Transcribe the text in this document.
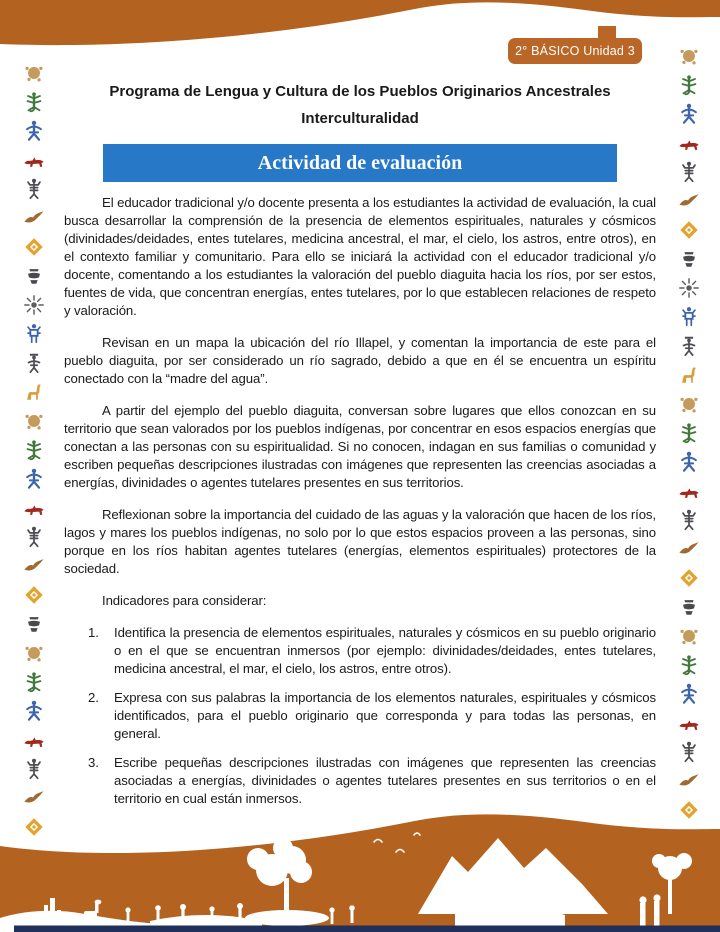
2° BÁSICO Unidad 3
Programa de Lengua y Cultura de los Pueblos Originarios Ancestrales
Interculturalidad
Actividad de evaluación

El educador tradicional y/o docente presenta a los estudiantes la actividad de evaluación, la cual busca desarrollar la comprensión de la presencia de elementos espirituales, naturales y cósmicos (divinidades/deidades, entes tutelares, medicina ancestral, el mar, el cielo, los astros, entre otros), en el contexto familiar y comunitario. Para ello se iniciará la actividad con el educador tradicional y/o docente, comentando a los estudiantes la valoración del pueblo diaguita hacia los ríos, por ser estos, fuentes de vida, que concentran energías, entes tutelares, por lo que establecen relaciones de respeto y valoración.

Revisan en un mapa la ubicación del río Illapel, y comentan la importancia de este para el pueblo diaguita, por ser considerado un río sagrado, debido a que en él se encuentra un espíritu conectado con la “madre del agua”.

A partir del ejemplo del pueblo diaguita, conversan sobre lugares que ellos conozcan en su territorio que sean valorados por los pueblos indígenas, por concentrar en esos espacios energías que conectan a las personas con su espiritualidad. Si no conocen, indagan en sus familias o comunidad y escriben pequeñas descripciones ilustradas con imágenes que representen las creencias asociadas a energías, divinidades o agentes tutelares presentes en sus territorios.

Reflexionan sobre la importancia del cuidado de las aguas y la valoración que hacen de los ríos, lagos y mares los pueblos indígenas, no solo por lo que estos espacios proveen a las personas, sino porque en los ríos habitan agentes tutelares (energías, elementos espirituales) protectores de la sociedad.

Indicadores para considerar:

1.	Identifica la presencia de elementos espirituales, naturales y cósmicos en su pueblo originario o en el que se encuentran inmersos (por ejemplo: divinidades/deidades, entes tutelares, medicina ancestral, el mar, el cielo, los astros, entre otros).
2.	Expresa con sus palabras la importancia de los elementos naturales, espirituales y cósmicos identificados, para el pueblo originario que corresponda y para todas las personas, en general.
3.	Escribe pequeñas descripciones ilustradas con imágenes que representen las creencias asociadas a energías, divinidades o agentes tutelares presentes en sus territorios o en el territorio en cual están inmersos.
